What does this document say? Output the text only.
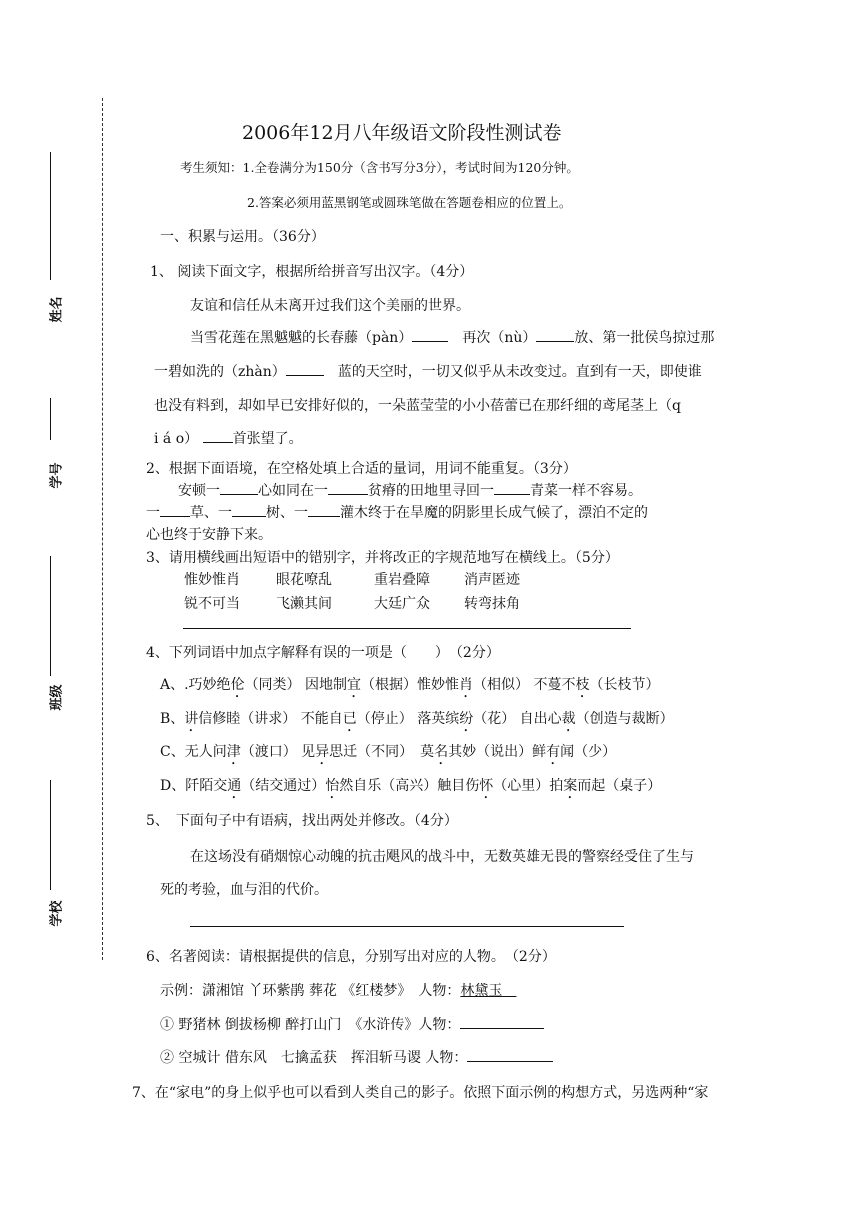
姓名
学号
班级
学校
2006年12月八年级语文阶段性测试卷
考生须知：1.全卷满分为150分（含书写分3分），考试时间为120分钟。
2.答案必须用蓝黑钢笔或圆珠笔做在答题卷相应的位置上。
一、积累与运用。（36分）
1、 阅读下面文字，根据所给拼音写出汉字。（4分）
友谊和信任从未离开过我们这个美丽的世界。
当雪花莲在黑魆魆的长春藤（pàn）　	再次（nù）	放、第一批侯鸟掠过那
一碧如洗的（zhàn）　	蓝的天空时，一切又似乎从未改变过。直到有一天，即使谁
也没有料到，却如早已安排好似的，一朵蓝莹莹的小小蓓蕾已在那纤细的鸢尾茎上（q
i á o） 首张望了。
2、根据下面语境，在空格处填上合适的量词，用词不能重复。（3分）
安顿一	心如同在一	贫瘠的田地里寻回一	青菜一样不容易。
一 草、一 树、一 灌木终于在旱魔的阴影里长成气候了，漂泊不定的
心也终于安静下来。
3、请用横线画出短语中的错别字，并将改正的字规范地写在横线上。（5分）
惟妙惟肖	眼花嘹乱	重岩叠障 消声匿迹
锐不可当	飞濑其间	大廷广众 转弯抹角
4、下列词语中加点字解释有误的一项是（　　）　（2分）
A、.巧妙绝伦（同类） 因地制宜（根据）惟妙惟肖（相似） 不蔓不枝（长枝节）
B、讲信修睦（讲求） 不能自已（停止） 落英缤纷（花） 自出心裁（创造与裁断）
C、无人问津（渡口） 见异思迁（不同）　莫名其妙（说出）鲜有闻（少）
D、阡陌交通（结交通过）怡然自乐（高兴）触目伤怀（心里）拍案而起（桌子）
5、　下面句子中有语病，找出两处并修改。（4分）
在这场没有硝烟惊心动魄的抗击飓风的战斗中，无数英雄无畏的警察经受住了生与
死的考验，血与泪的代价。
6、名著阅读：请根据提供的信息，分别写出对应的人物。　（2分）
示例：潇湘馆 丫环紫鹃 葬花 《红楼梦》　人物：林黛玉　
① 野猪林 倒拔杨柳 醉打山门　《水浒传》人物：
② 空城计 借东风　七擒孟获　挥泪斩马谡 人物：
7、在“家电”的身上似乎也可以看到人类自己的影子。依照下面示例的构想方式，另选两种“家
